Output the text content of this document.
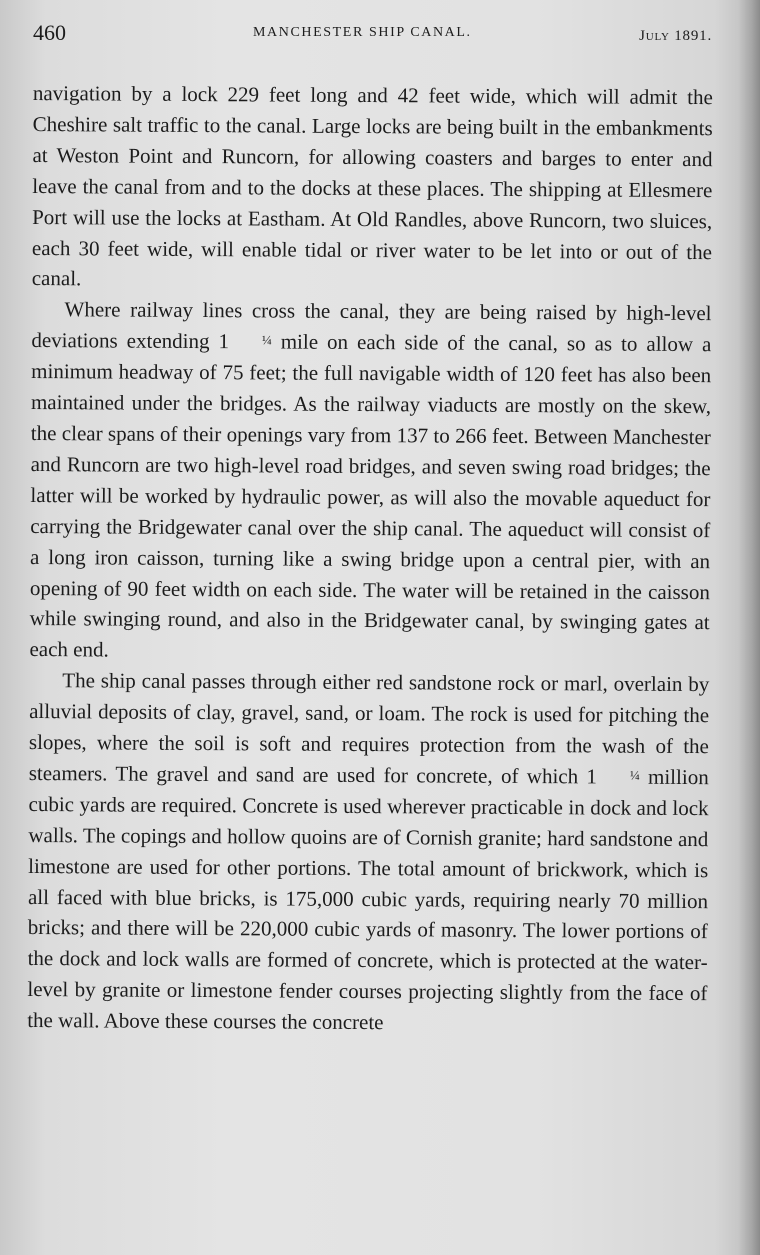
460	MANCHESTER SHIP CANAL.	July 1891.

navigation by a lock 229 feet long and 42 feet wide, which will admit the Cheshire salt traffic to the canal. Large locks are being built in the embankments at Weston Point and Runcorn, for allowing coasters and barges to enter and leave the canal from and to the docks at these places. The shipping at Ellesmere Port will use the locks at Eastham. At Old Randles, above Runcorn, two sluices, each 30 feet wide, will enable tidal or river water to be let into or out of the canal.

Where railway lines cross the canal, they are being raised by high-level deviations extending 1	¼ mile on each side of the canal, so as to allow a minimum headway of 75 feet; the full navigable width of 120 feet has also been maintained under the bridges. As the railway viaducts are mostly on the skew, the clear spans of their openings vary from 137 to 266 feet. Between Manchester and Runcorn are two high-level road bridges, and seven swing road bridges; the latter will be worked by hydraulic power, as will also the movable aqueduct for carrying the Bridgewater canal over the ship canal. The aqueduct will consist of a long iron caisson, turning like a swing bridge upon a central pier, with an opening of 90 feet width on each side. The water will be retained in the caisson while swinging round, and also in the Bridgewater canal, by swinging gates at each end.

The ship canal passes through either red sandstone rock or marl, overlain by alluvial deposits of clay, gravel, sand, or loam. The rock is used for pitching the slopes, where the soil is soft and requires protection from the wash of the steamers. The gravel and sand are used for concrete, of which 1	¼ million cubic yards are required. Concrete is used wherever practicable in dock and lock walls. The copings and hollow quoins are of Cornish granite; hard sandstone and limestone are used for other portions. The total amount of brickwork, which is all faced with blue bricks, is 175,000 cubic yards, requiring nearly 70 million bricks; and there will be 220,000 cubic yards of masonry. The lower portions of the dock and lock walls are formed of concrete, which is protected at the water-level by granite or limestone fender courses projecting slightly from the face of the wall. Above these courses the concrete
